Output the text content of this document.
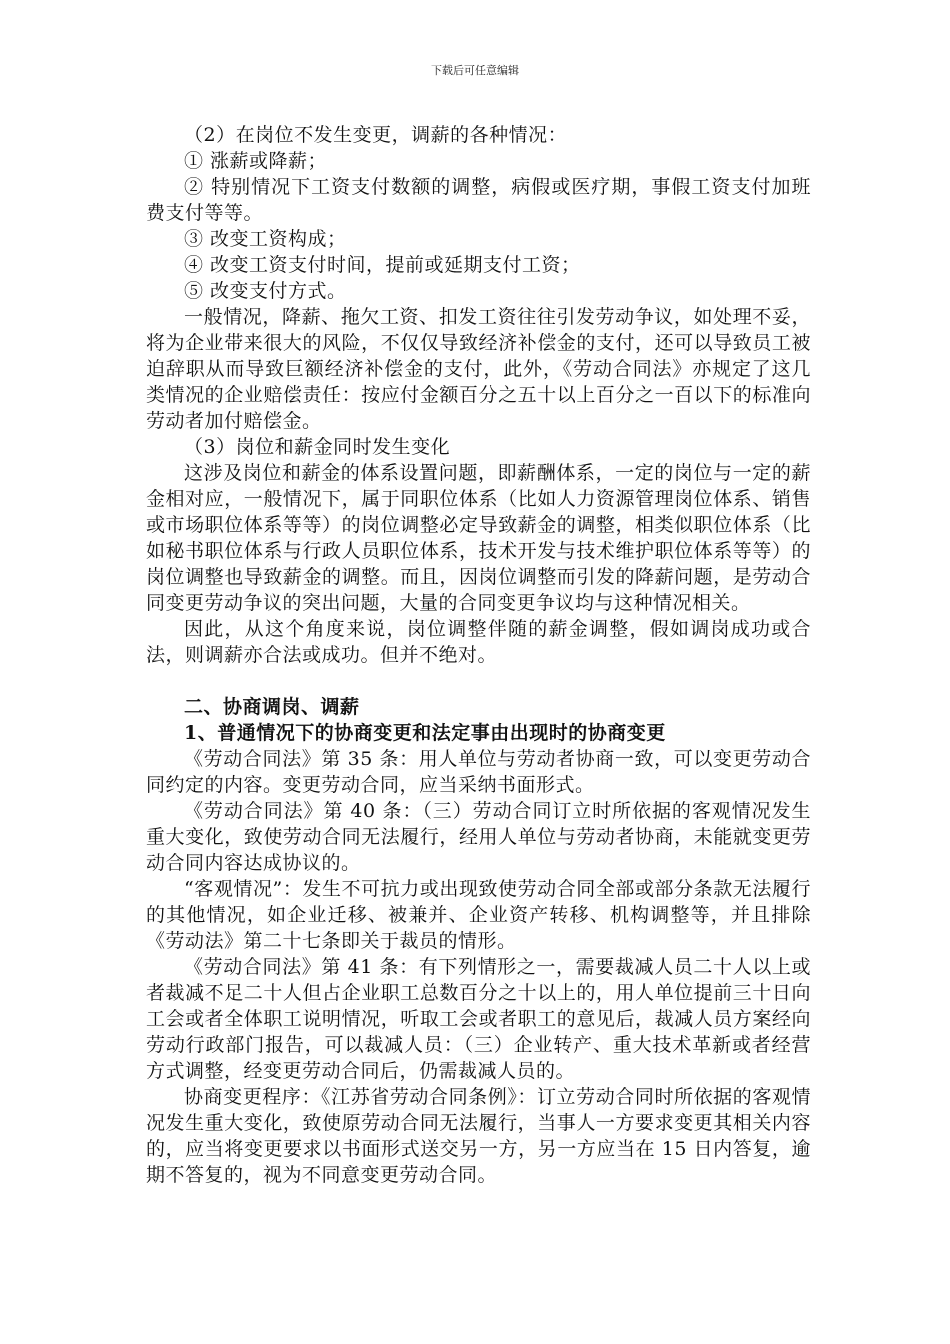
下载后可任意编辑

（2）在岗位不发生变更，调薪的各种情况：

① 涨薪或降薪；

② 特别情况下工资支付数额的调整，病假或医疗期，事假工资支付加班费支付等等。

③ 改变工资构成；

④ 改变工资支付时间，提前或延期支付工资；

⑤ 改变支付方式。

一般情况，降薪、拖欠工资、扣发工资往往引发劳动争议，如处理不妥，将为企业带来很大的风险，不仅仅导致经济补偿金的支付，还可以导致员工被迫辞职从而导致巨额经济补偿金的支付，此外，《劳动合同法》亦规定了这几类情况的企业赔偿责任：按应付金额百分之五十以上百分之一百以下的标准向劳动者加付赔偿金。

（3）岗位和薪金同时发生变化

这涉及岗位和薪金的体系设置问题，即薪酬体系，一定的岗位与一定的薪金相对应，一般情况下，属于同职位体系（比如人力资源管理岗位体系、销售或市场职位体系等等）的岗位调整必定导致薪金的调整，相类似职位体系（比如秘书职位体系与行政人员职位体系，技术开发与技术维护职位体系等等）的岗位调整也导致薪金的调整。而且，因岗位调整而引发的降薪问题，是劳动合同变更劳动争议的突出问题，大量的合同变更争议均与这种情况相关。

因此，从这个角度来说，岗位调整伴随的薪金调整，假如调岗成功或合法，则调薪亦合法或成功。但并不绝对。

二、协商调岗、调薪

1、普通情况下的协商变更和法定事由出现时的协商变更

《劳动合同法》第 35 条：用人单位与劳动者协商一致，可以变更劳动合同约定的内容。变更劳动合同，应当采纳书面形式。

《劳动合同法》第 40 条：（三）劳动合同订立时所依据的客观情况发生重大变化，致使劳动合同无法履行，经用人单位与劳动者协商，未能就变更劳动合同内容达成协议的。

“客观情况”：发生不可抗力或出现致使劳动合同全部或部分条款无法履行的其他情况，如企业迁移、被兼并、企业资产转移、机构调整等，并且排除《劳动法》第二十七条即关于裁员的情形。

《劳动合同法》第 41 条：有下列情形之一，需要裁减人员二十人以上或者裁减不足二十人但占企业职工总数百分之十以上的，用人单位提前三十日向工会或者全体职工说明情况，听取工会或者职工的意见后，裁减人员方案经向劳动行政部门报告，可以裁减人员：（三）企业转产、重大技术革新或者经营方式调整，经变更劳动合同后，仍需裁减人员的。

协商变更程序：《江苏省劳动合同条例》：订立劳动合同时所依据的客观情况发生重大变化，致使原劳动合同无法履行，当事人一方要求变更其相关内容的，应当将变更要求以书面形式送交另一方，另一方应当在 15 日内答复，逾期不答复的，视为不同意变更劳动合同。
